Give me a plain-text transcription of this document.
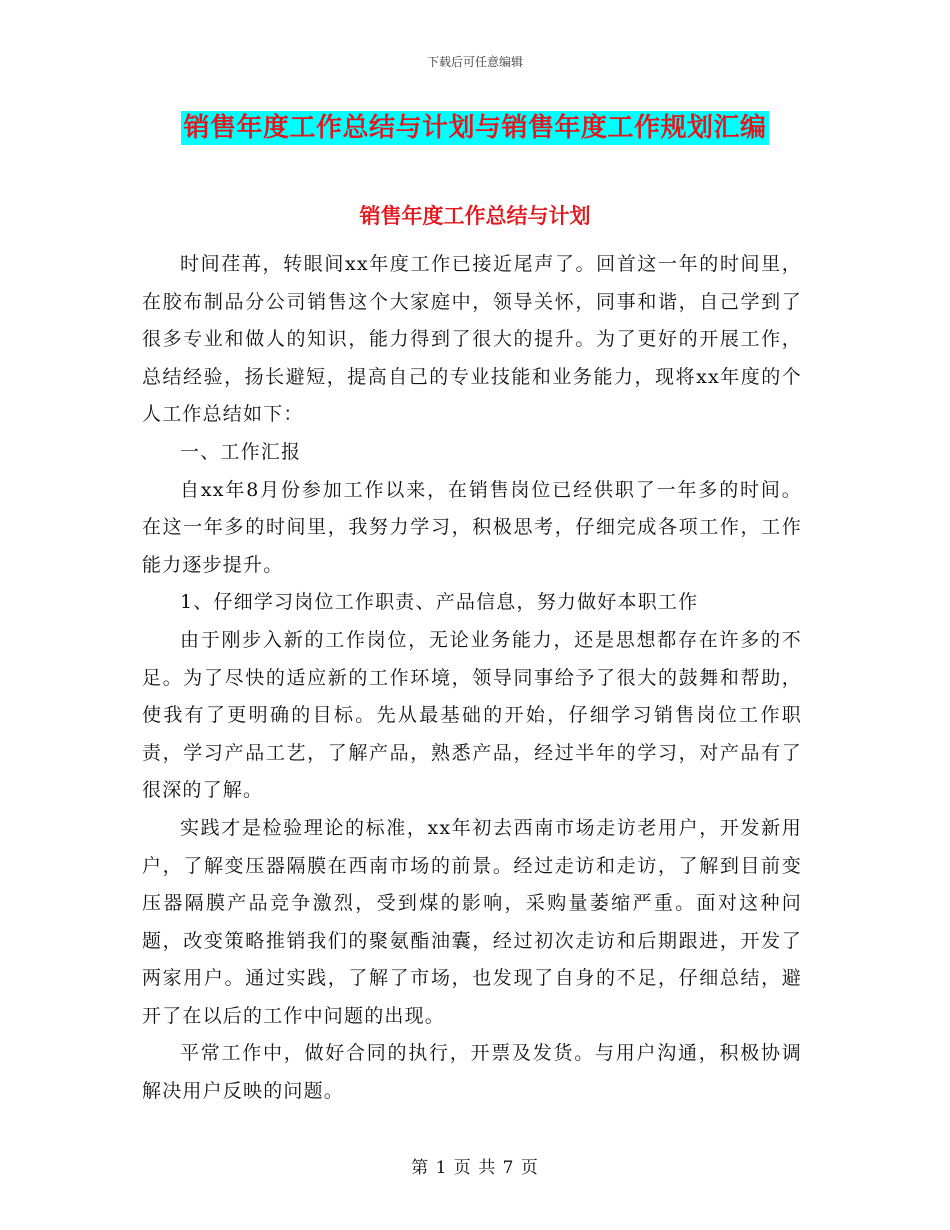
下载后可任意编辑
销售年度工作总结与计划与销售年度工作规划汇编
销售年度工作总结与计划

时间荏苒，转眼间xx年度工作已接近尾声了。回首这一年的时间里，在胶布制品分公司销售这个大家庭中，领导关怀，同事和谐，自己学到了很多专业和做人的知识，能力得到了很大的提升。为了更好的开展工作，总结经验，扬长避短，提高自己的专业技能和业务能力，现将xx年度的个人工作总结如下：

一、工作汇报

自xx年8月份参加工作以来，在销售岗位已经供职了一年多的时间。在这一年多的时间里，我努力学习，积极思考，仔细完成各项工作，工作能力逐步提升。

1、仔细学习岗位工作职责、产品信息，努力做好本职工作

由于刚步入新的工作岗位，无论业务能力，还是思想都存在许多的不足。为了尽快的适应新的工作环境，领导同事给予了很大的鼓舞和帮助，使我有了更明确的目标。先从最基础的开始，仔细学习销售岗位工作职责，学习产品工艺，了解产品，熟悉产品，经过半年的学习，对产品有了很深的了解。

实践才是检验理论的标准，xx年初去西南市场走访老用户，开发新用户，了解变压器隔膜在西南市场的前景。经过走访和走访，了解到目前变压器隔膜产品竞争激烈，受到煤的影响，采购量萎缩严重。面对这种问题，改变策略推销我们的聚氨酯油囊，经过初次走访和后期跟进，开发了两家用户。通过实践，了解了市场，也发现了自身的不足，仔细总结，避开了在以后的工作中问题的出现。

平常工作中，做好合同的执行，开票及发货。与用户沟通，积极协调解决用户反映的问题。

第 1 页 共 7 页
